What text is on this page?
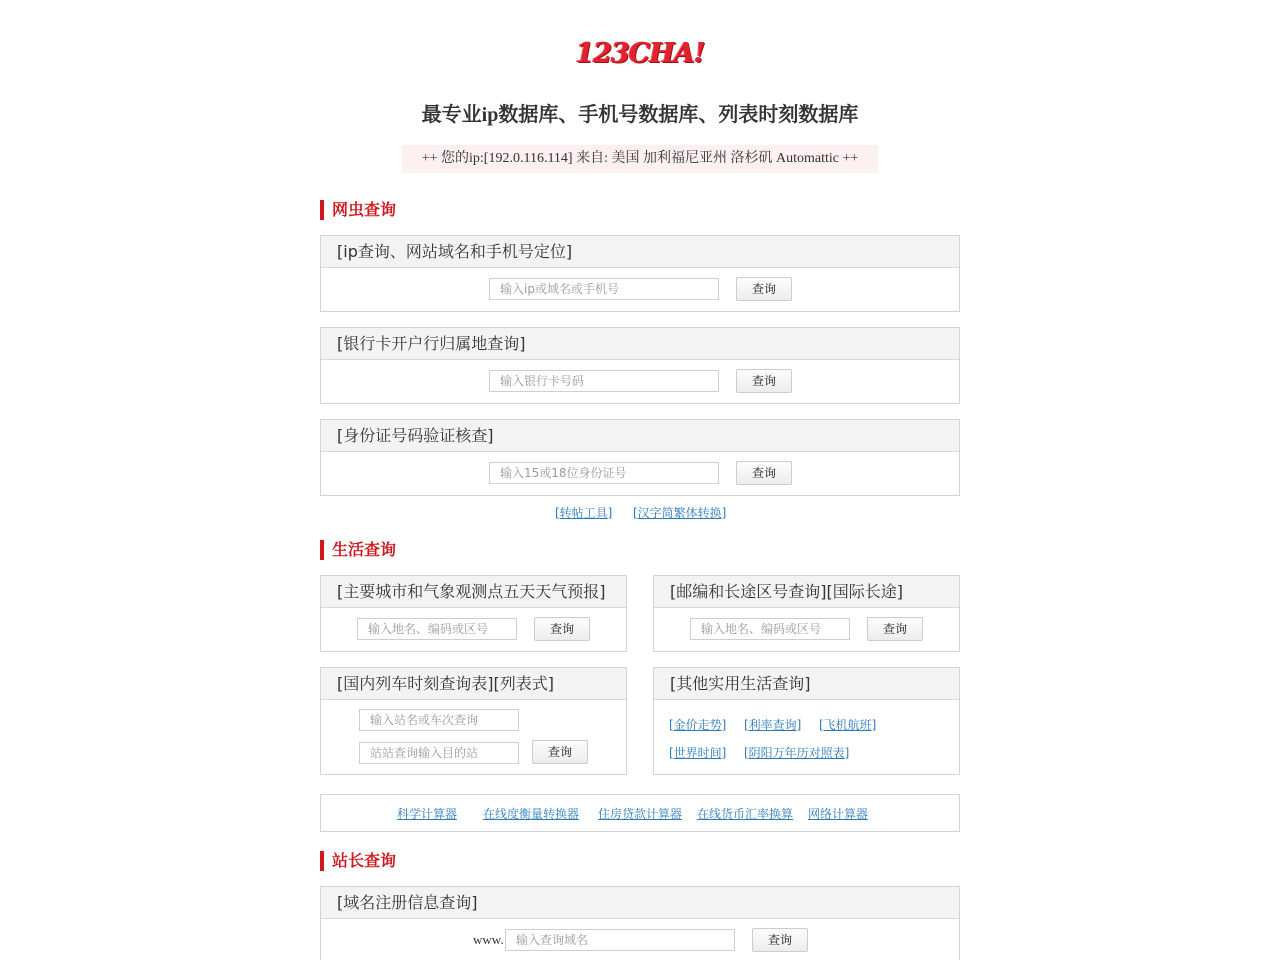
123CHA!
最专业ip数据库、手机号数据库、列表时刻数据库
++ 您的ip:[192.0.116.114] 来自: 美国 加利福尼亚州 洛杉矶 Automattic ++
网虫查询
[ip查询、网站域名和手机号定位]
输入ip或域名或手机号	查询
[银行卡开户行归属地查询]
输入银行卡号码	查询
[身份证号码验证核查]
输入15或18位身份证号	查询
[转帖工具] [汉字简繁体转换]
生活查询
[主要城市和气象观测点五天天气预报]
输入地名、编码或区号	查询
[邮编和长途区号查询][国际长途]
输入地名、编码或区号	查询
[国内列车时刻查询表][列表式]
输入站名或车次查询
站站查询输入目的站	查询
[其他实用生活查询]
[金价走势] [利率查询] [飞机航班]
[世界时间] [阴阳万年历对照表]
科学计算器 在线度衡量转换器 住房贷款计算器 在线货币汇率换算 网络计算器
站长查询
[域名注册信息查询]
www.	输入查询域名	查询
